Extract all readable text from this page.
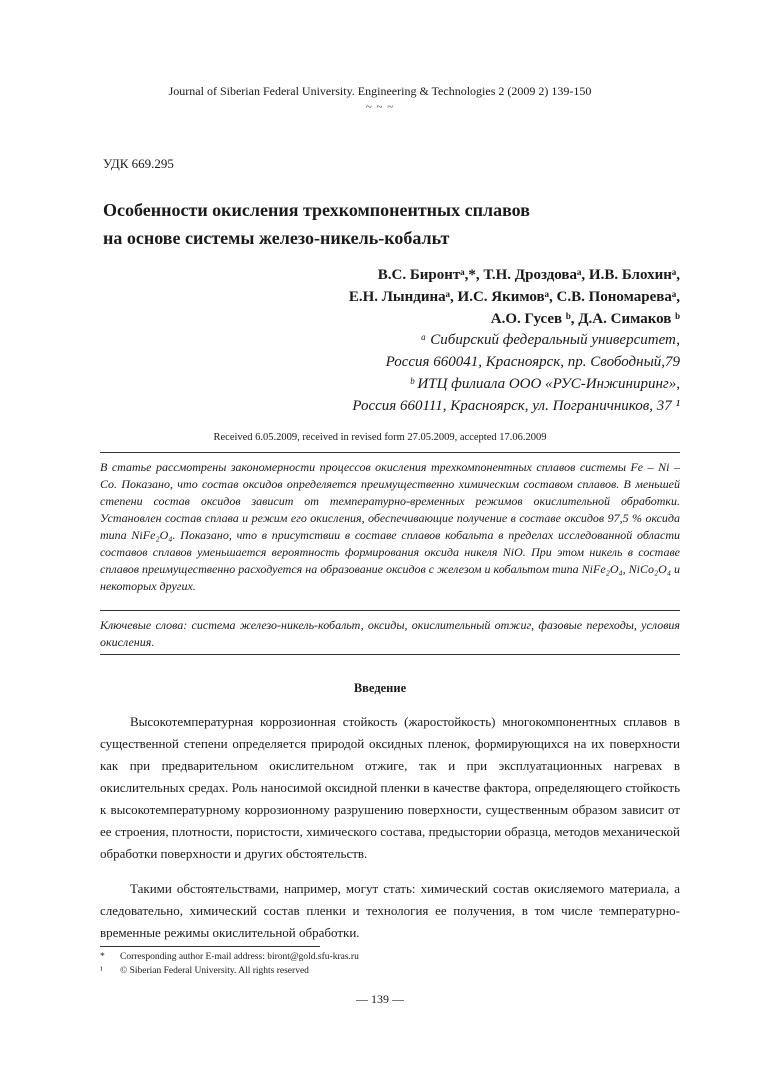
Journal of Siberian Federal University. Engineering & Technologies 2 (2009 2) 139-150
~ ~ ~
УДК 669.295
Особенности окисления трехкомпонентных сплавов
на основе системы железо-никель-кобальт
В.С. Биронтᵃ,*, Т.Н. Дроздоваᵃ, И.В. Блохинᵃ,
Е.Н. Лындинаᵃ, И.С. Якимовᵃ, С.В. Пономареваᵃ,
А.О. Гусев ᵇ, Д.А. Симаков ᵇ
ᵃ Сибирский федеральный университет,
Россия 660041, Красноярск, пр. Свободный,79
ᵇ ИТЦ филиала ООО «РУС-Инжиниринг»,
Россия 660111, Красноярск, ул. Пограничников, 37 ¹
Received 6.05.2009, received in revised form 27.05.2009, accepted 17.06.2009
В статье рассмотрены закономерности процессов окисления трехкомпонентных сплавов системы Fe – Ni – Co. Показано, что состав оксидов определяется преимущественно химическим составом сплавов. В меньшей степени состав оксидов зависит от температурно-временных режимов окислительной обработки. Установлен состав сплава и режим его окисления, обеспечивающие получение в составе оксидов 97,5 % оксида типа NiFe₂O₄. Показано, что в присутствии в составе сплавов кобальта в пределах исследованной области составов сплавов уменьшается вероятность формирования оксида никеля NiO. При этом никель в составе сплавов преимущественно расходуется на образование оксидов с железом и кобальтом типа NiFe₂O₄, NiCo₂O₄ и некоторых других.
Ключевые слова: система железо-никель-кобальт, оксиды, окислительный отжиг, фазовые переходы, условия окисления.
Введение
Высокотемпературная коррозионная стойкость (жаростойкость) многокомпонентных сплавов в существенной степени определяется природой оксидных пленок, формирующихся на их поверхности как при предварительном окислительном отжиге, так и при эксплуатационных нагревах в окислительных средах. Роль наносимой оксидной пленки в качестве фактора, определяющего стойкость к высокотемпературному коррозионному разрушению поверхности, существенным образом зависит от ее строения, плотности, пористости, химического состава, предыстории образца, методов механической обработки поверхности и других обстоятельств.
Такими обстоятельствами, например, могут стать: химический состав окисляемого материала, а следовательно, химический состав пленки и технология ее получения, в том числе температурно-временные режимы окислительной обработки.
* Corresponding author E-mail address: biront@gold.sfu-kras.ru
¹ © Siberian Federal University. All rights reserved
— 139 —
